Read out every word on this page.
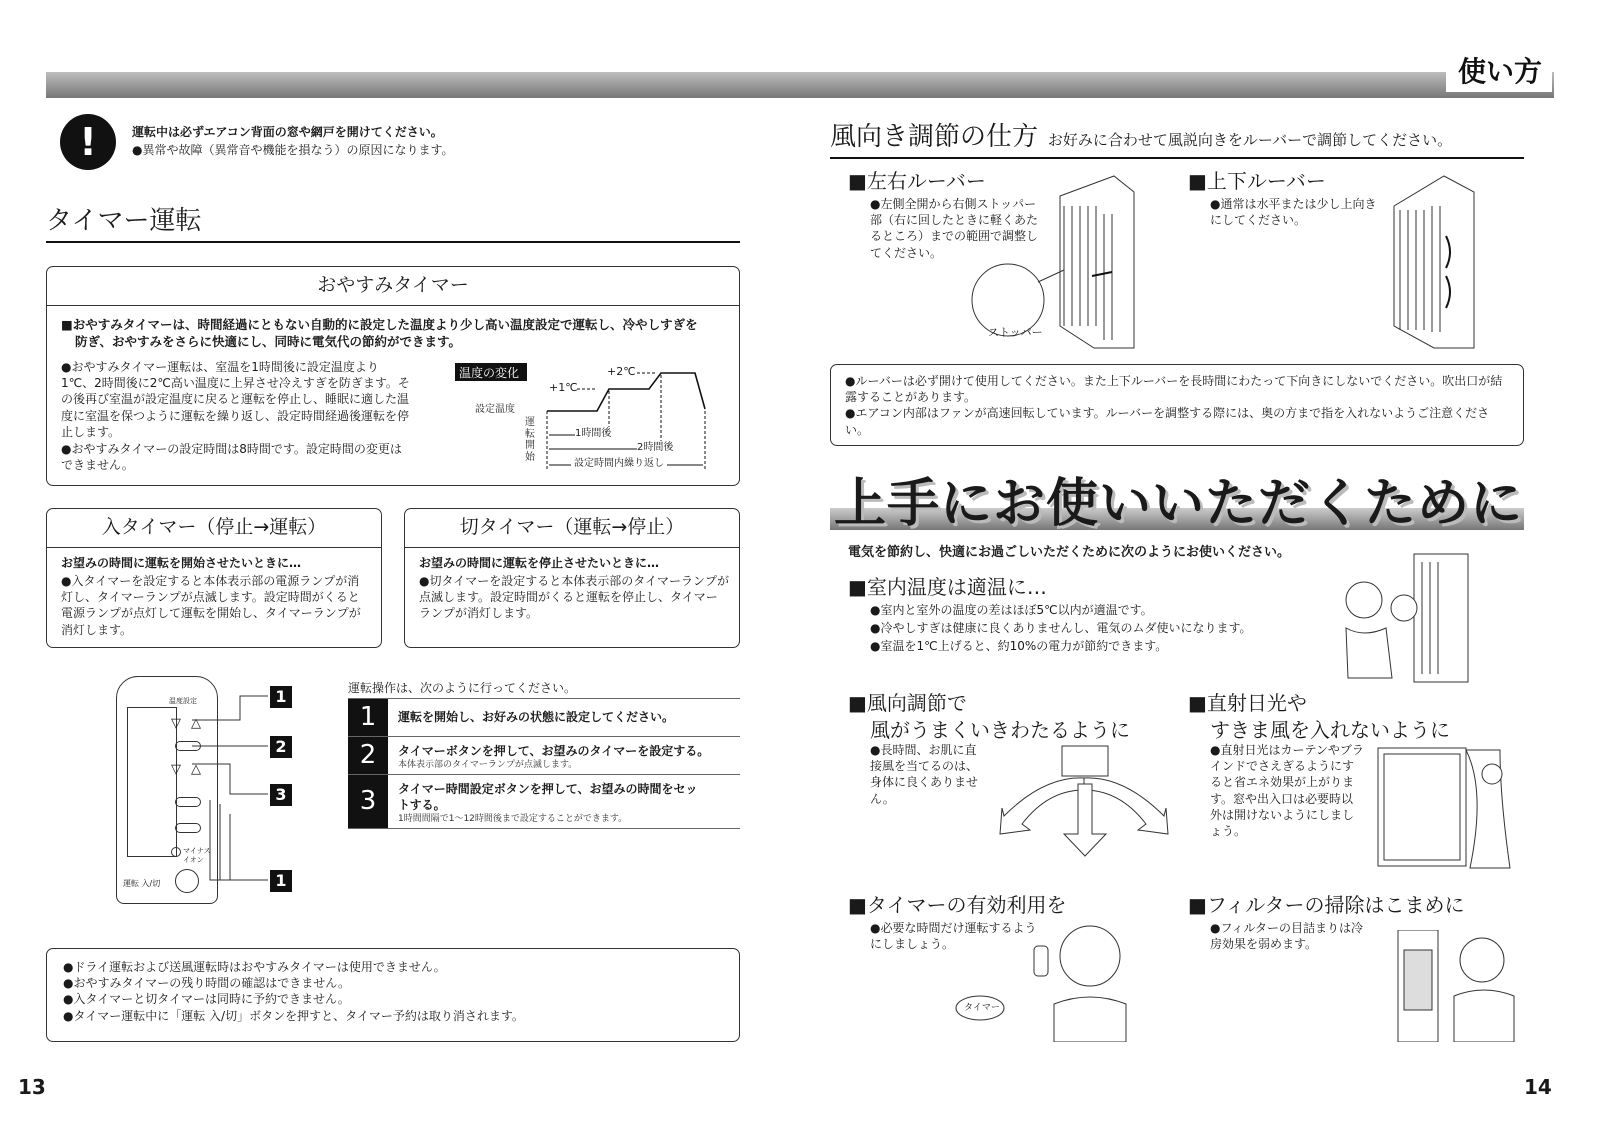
使い方
!	運転中は必ずエアコン背面の窓や網戸を開けてください。
●異常や故障（異常音や機能を損なう）の原因になります。
タイマー運転
おやすみタイマー
■おやすみタイマーは、時間経過にともない自動的に設定した温度より少し高い温度設定で運転し、冷やしすぎを
防ぎ、おやすみをさらに快適にし、同時に電気代の節約ができます。
●おやすみタイマー運転は、室温を1時間後に設定温度より1℃、2時間後に2℃高い温度に上昇させ冷えすぎを防ぎます。その後再び室温が設定温度に戻ると運転を停止し、睡眠に適した温度に室温を保つように運転を繰り返し、設定時間経過後運転を停止します。
●おやすみタイマーの設定時間は8時間です。設定時間の変更はできません。
温度の変化	+2℃
+1℃
設定温度
運転開始
1時間後
2時間後
設定時間内繰り返し
入タイマー（停止→運転）
お望みの時間に運転を開始させたいときに…
●入タイマーを設定すると本体表示部の電源ランプが消灯し、タイマーランプが点滅します。設定時間がくると電源ランプが点灯して運転を開始し、タイマーランプが消灯します。
切タイマー（運転→停止）
お望みの時間に運転を停止させたいときに…
●切タイマーを設定すると本体表示部のタイマーランプが点滅します。設定時間がくると運転を停止し、タイマーランプが消灯します。
温度設定
▽ △
▽ △
マイナスイオン
運転 入/切
1
2
3
1
運転操作は、次のように行ってください。
1	運転を開始し、お好みの状態に設定してください。
2	タイマーボタンを押して、お望みのタイマーを設定する。
本体表示部のタイマーランプが点滅します。
3	タイマー時間設定ボタンを押して、お望みの時間をセットする。
1時間間隔で1〜12時間後まで設定することができます。
●ドライ運転および送風運転時はおやすみタイマーは使用できません。
●おやすみタイマーの残り時間の確認はできません。
●入タイマーと切タイマーは同時に予約できません。
●タイマー運転中に「運転 入/切」ボタンを押すと、タイマー予約は取り消されます。
13	14
風向き調節の仕方 お好みに合わせて風説向きをルーバーで調節してください。
■左右ルーバー
●左側全開から右側ストッパー部（右に回したときに軽くあたるところ）までの範囲で調整してください。
ストッパー
■上下ルーバー
●通常は水平または少し上向きにしてください。
●ルーバーは必ず開けて使用してください。また上下ルーバーを長時間にわたって下向きにしないでください。吹出口が結露することがあります。
●エアコン内部はファンが高速回転しています。ルーバーを調整する際には、奥の方まで指を入れないようご注意ください。
上手にお使いいただくために
電気を節約し、快適にお過ごしいただくために次のようにお使いください。
■室内温度は適温に…
●室内と室外の温度の差はほぼ5℃以内が適温です。
●冷やしすぎは健康に良くありませんし、電気のムダ使いになります。
●室温を1℃上げると、約10%の電力が節約できます。
■風向調節で
風がうまくいきわたるように
●長時間、お肌に直接風を当てるのは、身体に良くありません。
■直射日光や
すきま風を入れないように
●直射日光はカーテンやブラインドでさえぎるようにすると省エネ効果が上がります。窓や出入口は必要時以外は開けないようにしましょう。
■タイマーの有効利用を
●必要な時間だけ運転するようにしましょう。
タイマー
■フィルターの掃除はこまめに
●フィルターの目詰まりは冷房効果を弱めます。
